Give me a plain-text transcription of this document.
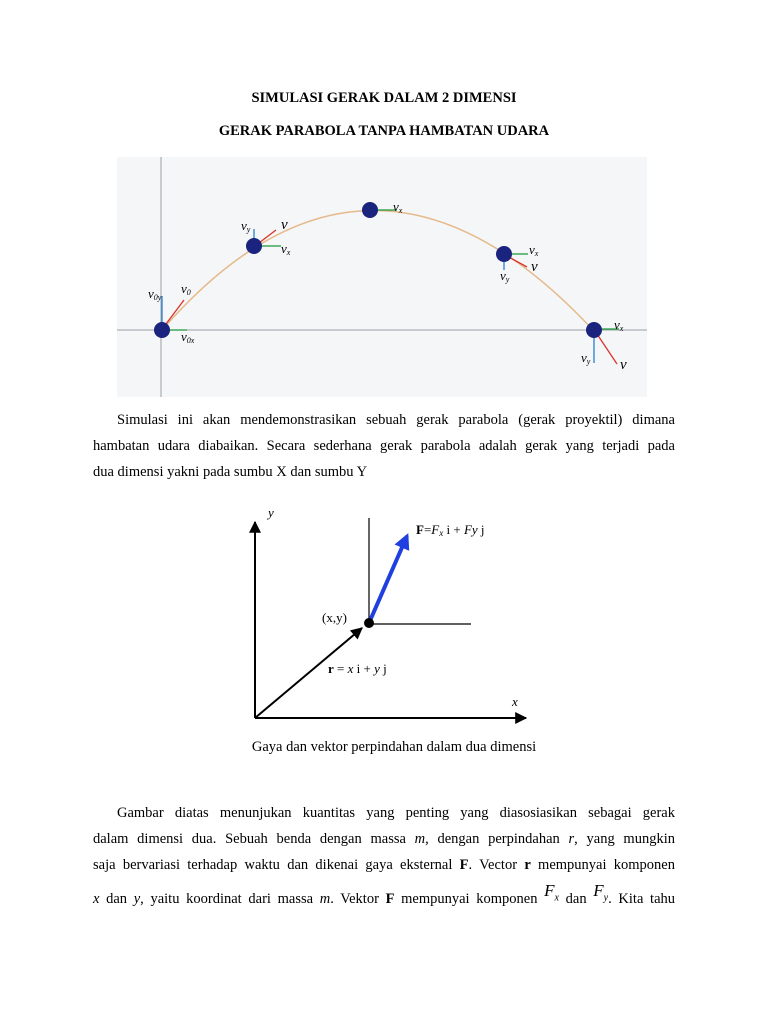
SIMULASI GERAK DALAM 2 DIMENSI
GERAK PARABOLA TANPA HAMBATAN UDARA
v0y
v0
v0x
vy v
vx
vx
vx
v
vy
vx
vy v
Simulasi ini akan mendemonstrasikan sebuah gerak parabola (gerak proyektil) dimana
hambatan udara diabaikan. Secara sederhana gerak parabola adalah gerak yang terjadi pada
dua dimensi yakni pada sumbu X dan sumbu Y
y
x
(x,y)
F=Fx i + Fy j
r = x i + y j
Gaya dan vektor perpindahan dalam dua dimensi
Gambar diatas menunjukan kuantitas yang penting yang diasosiasikan sebagai gerak
dalam dimensi dua. Sebuah benda dengan massa m, dengan perpindahan r, yang mungkin
saja bervariasi terhadap waktu dan dikenai gaya eksternal F. Vector r mempunyai komponen
x dan y, yaitu koordinat dari massa m. Vektor F mempunyai komponen $F_x$ dan $F_y$. Kita tahu
